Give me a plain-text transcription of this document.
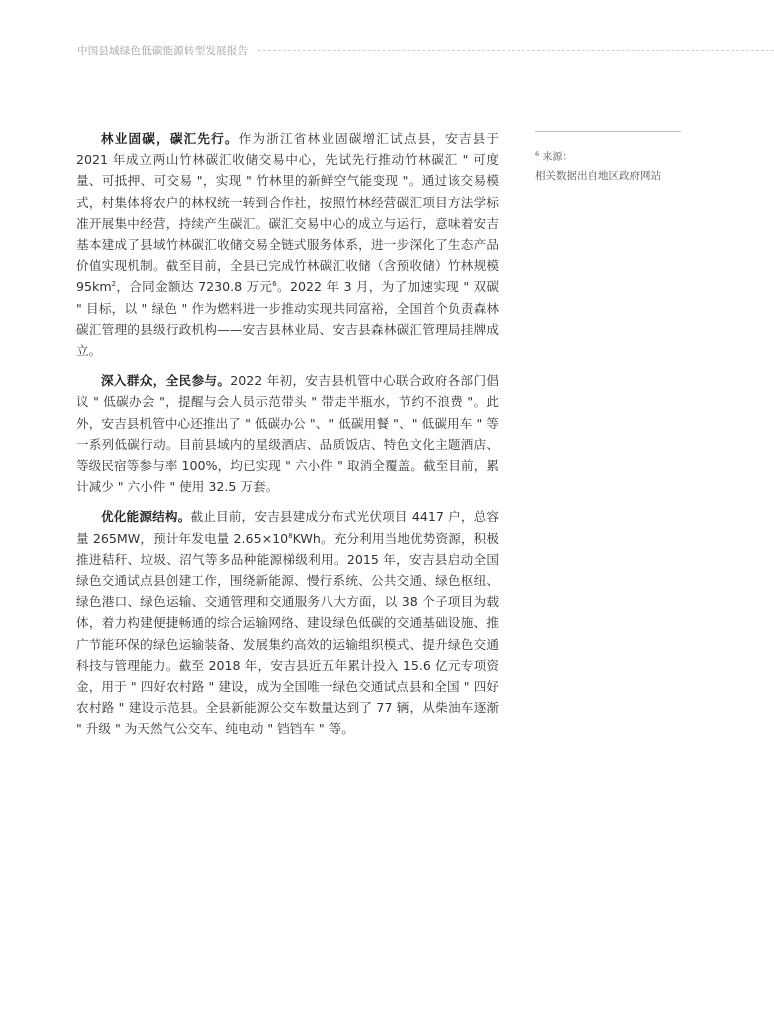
中国县域绿色低碳能源转型发展报告

林业固碳，碳汇先行。作为浙江省林业固碳增汇试点县，安吉县于 2021 年成立两山竹林碳汇收储交易中心，先试先行推动竹林碳汇 " 可度量、可抵押、可交易 "，实现 " 竹林里的新鲜空气能变现 "。通过该交易模式，村集体将农户的林权统一转到合作社，按照竹林经营碳汇项目方法学标准开展集中经营，持续产生碳汇。碳汇交易中心的成立与运行，意味着安吉基本建成了县域竹林碳汇收储交易全链式服务体系，进一步深化了生态产品价值实现机制。截至目前，全县已完成竹林碳汇收储（含预收储）竹林规模 $95km^2$，合同金额达 7230.8 万元$^6$。2022 年 3 月，为了加速实现 " 双碳 " 目标，以 " 绿色 " 作为燃料进一步推动实现共同富裕，全国首个负责森林碳汇管理的县级行政机构——安吉县林业局、安吉县森林碳汇管理局挂牌成立。

深入群众，全民参与。2022 年初，安吉县机管中心联合政府各部门倡议 " 低碳办会 "，提醒与会人员示范带头 " 带走半瓶水，节约不浪费 "。此外，安吉县机管中心还推出了 " 低碳办公 "、" 低碳用餐 "、" 低碳用车 " 等一系列低碳行动。目前县域内的星级酒店、品质饭店、特色文化主题酒店、等级民宿等参与率 100%，均已实现 " 六小件 " 取消全覆盖。截至目前，累计减少 " 六小件 " 使用 32.5 万套。

优化能源结构。截止目前，安吉县建成分布式光伏项目 4417 户，总容量 265MW，预计年发电量 $2.65\times 10^8KWh$。充分利用当地优势资源，积极推进秸秆、垃圾、沼气等多品种能源梯级利用。2015 年，安吉县启动全国绿色交通试点县创建工作，围绕新能源、慢行系统、公共交通、绿色枢纽、绿色港口、绿色运输、交通管理和交通服务八大方面，以 38 个子项目为载体，着力构建便捷畅通的综合运输网络、建设绿色低碳的交通基础设施、推广节能环保的绿色运输装备、发展集约高效的运输组织模式、提升绿色交通科技与管理能力。截至 2018 年，安吉县近五年累计投入 15.6 亿元专项资金，用于 " 四好农村路 " 建设，成为全国唯一绿色交通试点县和全国 " 四好农村路 " 建设示范县。全县新能源公交车数量达到了 77 辆，从柴油车逐渐 " 升级 " 为天然气公交车、纯电动 " 铛铛车 " 等。

$^6$ 来源：
相关数据出自地区政府网站
